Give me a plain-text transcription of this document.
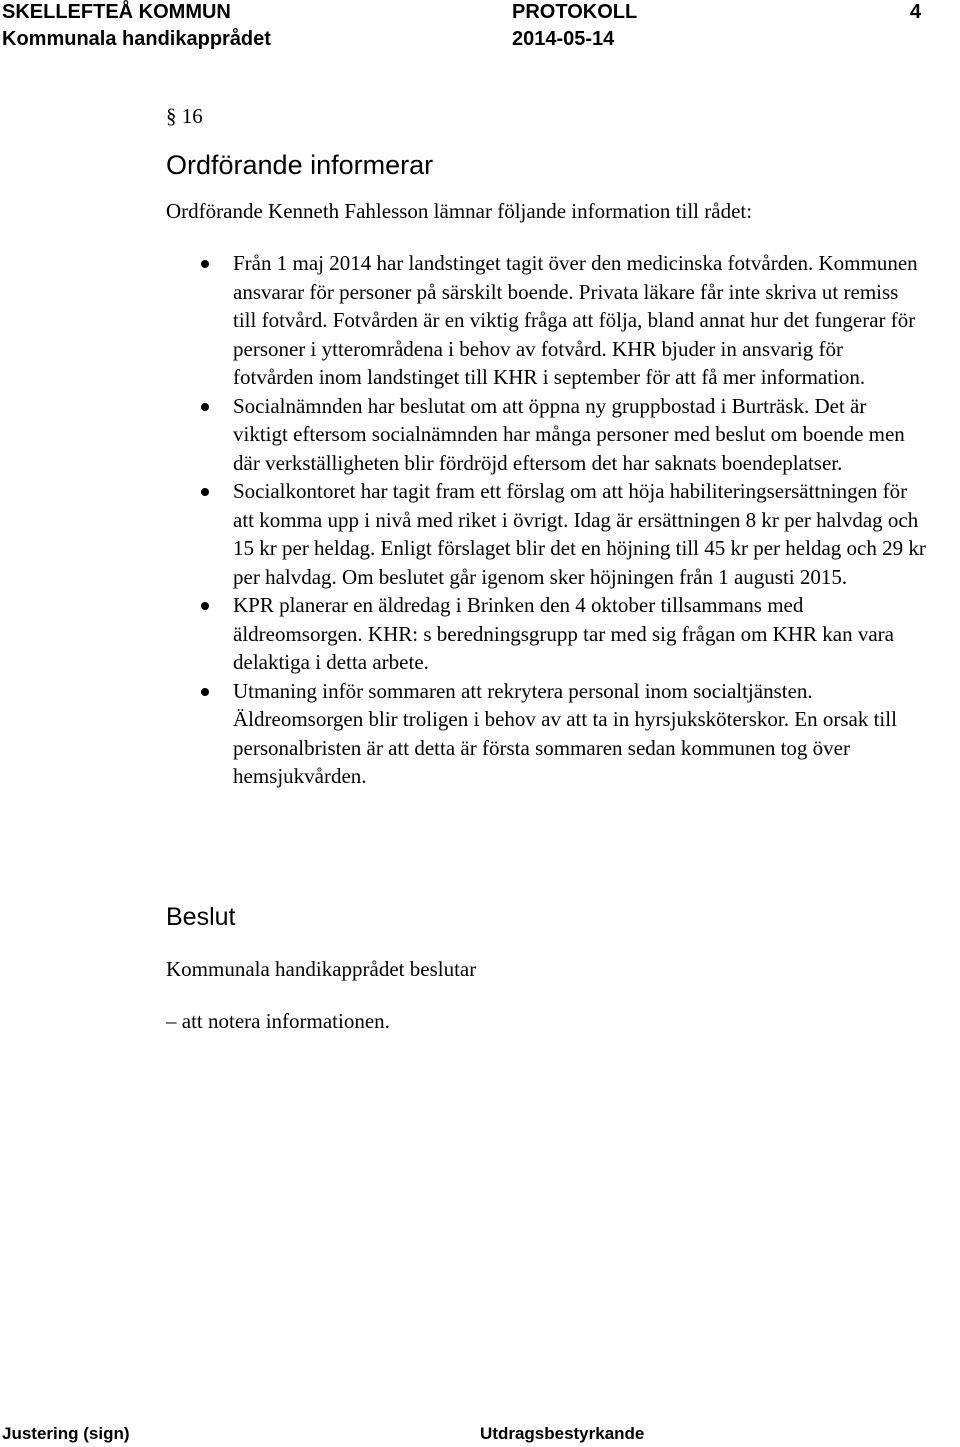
SKELLEFTEÅ KOMMUN	PROTOKOLL	4
Kommunala handikapprådet	2014-05-14
§ 16
Ordförande informerar
Ordförande Kenneth Fahlesson lämnar följande information till rådet:
Från 1 maj 2014 har landstinget tagit över den medicinska fotvården. Kommunen ansvarar för personer på särskilt boende. Privata läkare får inte skriva ut remiss till fotvård. Fotvården är en viktig fråga att följa, bland annat hur det fungerar för personer i ytterområdena i behov av fotvård. KHR bjuder in ansvarig för fotvården inom landstinget till KHR i september för att få mer information.
Socialnämnden har beslutat om att öppna ny gruppbostad i Burträsk. Det är viktigt eftersom socialnämnden har många personer med beslut om boende men där verkställigheten blir fördröjd eftersom det har saknats boendeplatser.
Socialkontoret har tagit fram ett förslag om att höja habiliteringsersättningen för att komma upp i nivå med riket i övrigt. Idag är ersättningen 8 kr per halvdag och 15 kr per heldag. Enligt förslaget blir det en höjning till 45 kr per heldag och 29 kr per halvdag. Om beslutet går igenom sker höjningen från 1 augusti 2015.
KPR planerar en äldredag i Brinken den 4 oktober tillsammans med äldreomsorgen. KHR: s beredningsgrupp tar med sig frågan om KHR kan vara delaktiga i detta arbete.
Utmaning inför sommaren att rekrytera personal inom socialtjänsten. Äldreomsorgen blir troligen i behov av att ta in hyrsjuksköterskor. En orsak till personalbristen är att detta är första sommaren sedan kommunen tog över hemsjukvården.
Beslut
Kommunala handikapprådet beslutar
– att notera informationen.
Justering (sign)	Utdragsbestyrkande
